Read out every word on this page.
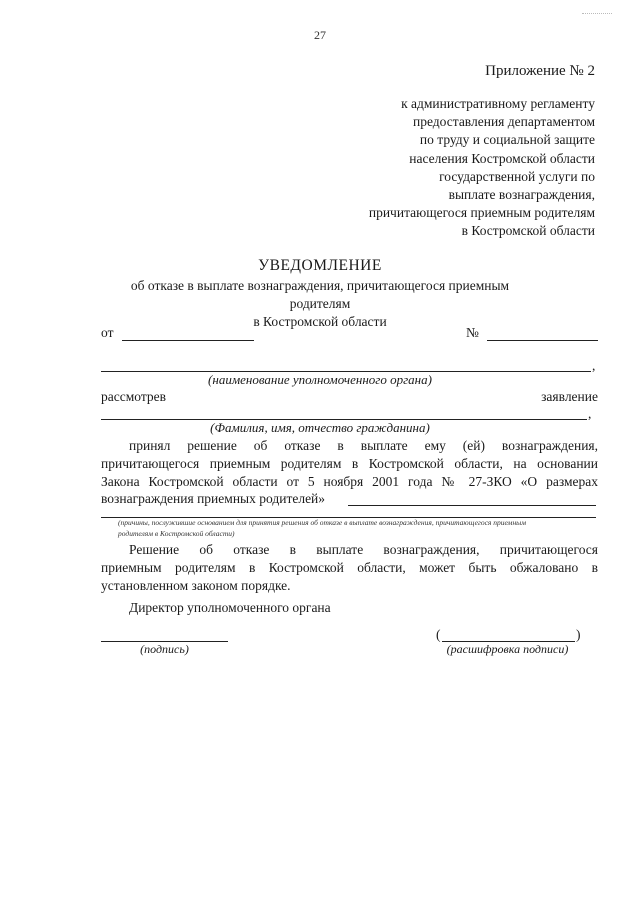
27
Приложение № 2
к административному регламенту
предоставления департаментом
по труду и социальной защите
населения Костромской области
государственной услуги по
выплате вознаграждения,
причитающегося приемным родителям
в Костромской области
УВЕДОМЛЕНИЕ
об отказе в выплате вознаграждения, причитающегося приемным родителям
в Костромской области
от	№
,
(наименование уполномоченного органа)
рассмотрев	заявление
,
(Фамилия, имя, отчество гражданина)
принял решение об отказе в выплате ему (ей) вознаграждения,
причитающегося приемным родителям в Костромской области, на основании
Закона Костромской области от 5 ноября 2001 года № 27-ЗКО «О размерах
вознаграждения приемных родителей»
(причины, послужившие основанием для принятия решения об отказе в выплате вознаграждения, причитающегося приемным
родителям в Костромской области)
Решение об отказе в выплате вознаграждения, причитающегося
приемным родителям в Костромской области, может быть обжаловано в
установленном законом порядке.
Директор уполномоченного органа
(подпись)
(	)
(расшифровка подписи)
